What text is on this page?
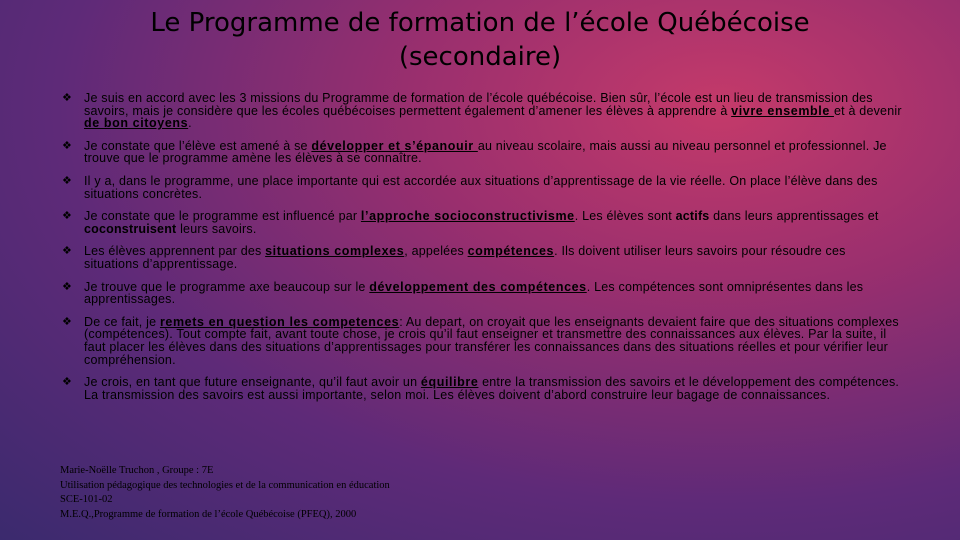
Le Programme de formation de l’école Québécoise
(secondaire)
❖ Je suis en accord avec les 3 missions du Programme de formation de l’école québécoise. Bien sûr, l’école est un lieu de transmission des savoirs, mais je considère que les écoles québécoises permettent également d’amener les élèves à apprendre à vivre ensemble et à devenir de bon citoyens.
❖ Je constate que l’élève est amené à se développer et s’épanouir au niveau scolaire, mais aussi au niveau personnel et professionnel. Je trouve que le programme amène les élèves à se connaître.
❖ Il y a, dans le programme, une place importante qui est accordée aux situations d’apprentissage de la vie réelle. On place l’élève dans des situations concrètes.
❖ Je constate que le programme est influencé par l’approche socioconstructivisme. Les élèves sont actifs dans leurs apprentissages et coconstruisent leurs savoirs.
❖ Les élèves apprennent par des situations complexes, appelées compétences. Ils doivent utiliser leurs savoirs pour résoudre ces situations d’apprentissage.
❖ Je trouve que le programme axe beaucoup sur le développement des compétences. Les compétences sont omniprésentes dans les apprentissages.
❖ De ce fait, je remets en question les competences: Au depart, on croyait que les enseignants devaient faire que des situations complexes (compétences). Tout compte fait, avant toute chose, je crois qu’il faut enseigner et transmettre des connaissances aux élèves. Par la suite, il faut placer les élèves dans des situations d’apprentissages pour transférer les connaissances dans des situations réelles et pour vérifier leur compréhension.
❖ Je crois, en tant que future enseignante, qu’il faut avoir un équilibre entre la transmission des savoirs et le développement des compétences. La transmission des savoirs est aussi importante, selon moi. Les élèves doivent d’abord construire leur bagage de connaissances.
Marie-Noëlle Truchon , Groupe : 7E
Utilisation pédagogique des technologies et de la communication en éducation
SCE-101-02
M.E.Q.,Programme de formation de l’école Québécoise (PFEQ), 2000
